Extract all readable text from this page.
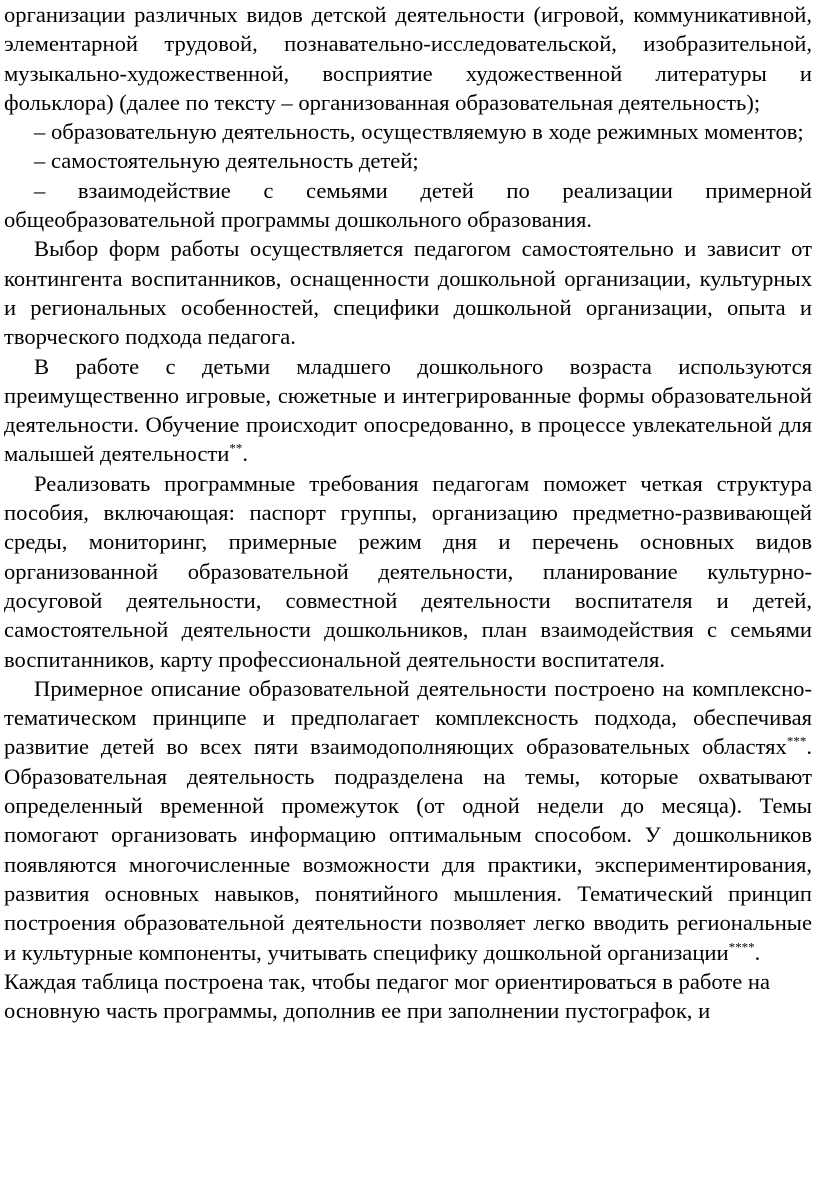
организации различных видов детской деятельности (игровой, коммуникативной, элементарной трудовой, познавательно-исследовательской, изобразительной, музыкально-художественной, восприятие художественной литературы и фольклора) (далее по тексту – организованная образовательная деятельность);

– образовательную деятельность, осуществляемую в ходе режимных моментов;

– самостоятельную деятельность детей;

– взаимодействие с семьями детей по реализации примерной общеобразовательной программы дошкольного образования.

Выбор форм работы осуществляется педагогом самостоятельно и зависит от контингента воспитанников, оснащенности дошкольной организации, культурных и региональных особенностей, специфики дошкольной организации, опыта и творческого подхода педагога.

В работе с детьми младшего дошкольного возраста используются преимущественно игровые, сюжетные и интегрированные формы образовательной деятельности. Обучение происходит опосредованно, в процессе увлекательной для малышей деятельности**.

Реализовать программные требования педагогам поможет четкая структура пособия, включающая: паспорт группы, организацию предметно-развивающей среды, мониторинг, примерные режим дня и перечень основных видов организованной образовательной деятельности, планирование культурно-досуговой деятельности, совместной деятельности воспитателя и детей, самостоятельной деятельности дошкольников, план взаимодействия с семьями воспитанников, карту профессиональной деятельности воспитателя.

Примерное описание образовательной деятельности построено на комплексно-тематическом принципе и предполагает комплексность подхода, обеспечивая развитие детей во всех пяти взаимодополняющих образовательных областях***. Образовательная деятельность подразделена на темы, которые охватывают определенный временной промежуток (от одной недели до месяца). Темы помогают организовать информацию оптимальным способом. У дошкольников появляются многочисленные возможности для практики, экспериментирования, развития основных навыков, понятийного мышления. Тематический принцип построения образовательной деятельности позволяет легко вводить региональные и культурные компоненты, учитывать специфику дошкольной организации****.

Каждая таблица построена так, чтобы педагог мог ориентироваться в работе на основную часть программы, дополнив ее при заполнении пустографок, и
